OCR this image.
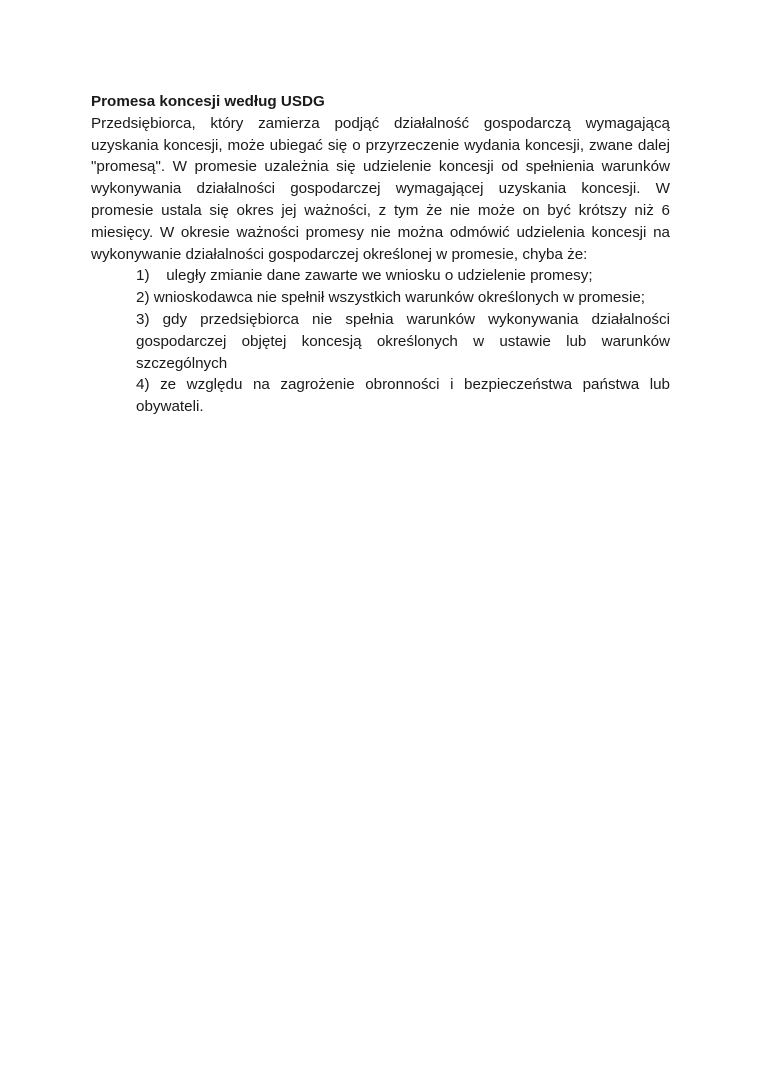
Promesa koncesji według USDG

Przedsiębiorca, który zamierza podjąć działalność gospodarczą wymagającą uzyskania koncesji, może ubiegać się o przyrzeczenie wydania koncesji, zwane dalej "promesą". W promesie uzależnia się udzielenie koncesji od spełnienia warunków wykonywania działalności gospodarczej wymagającej uzyskania koncesji. W promesie ustala się okres jej ważności, z tym że nie może on być krótszy niż 6 miesięcy. W okresie ważności promesy nie można odmówić udzielenia koncesji na wykonywanie działalności gospodarczej określonej w promesie, chyba że:

1) uległy zmianie dane zawarte we wniosku o udzielenie promesy;
2) wnioskodawca nie spełnił wszystkich warunków określonych w promesie;
3) gdy przedsiębiorca nie spełnia warunków wykonywania działalności gospodarczej objętej koncesją określonych w ustawie lub warunków szczególnych
4) ze względu na zagrożenie obronności i bezpieczeństwa państwa lub obywateli.
